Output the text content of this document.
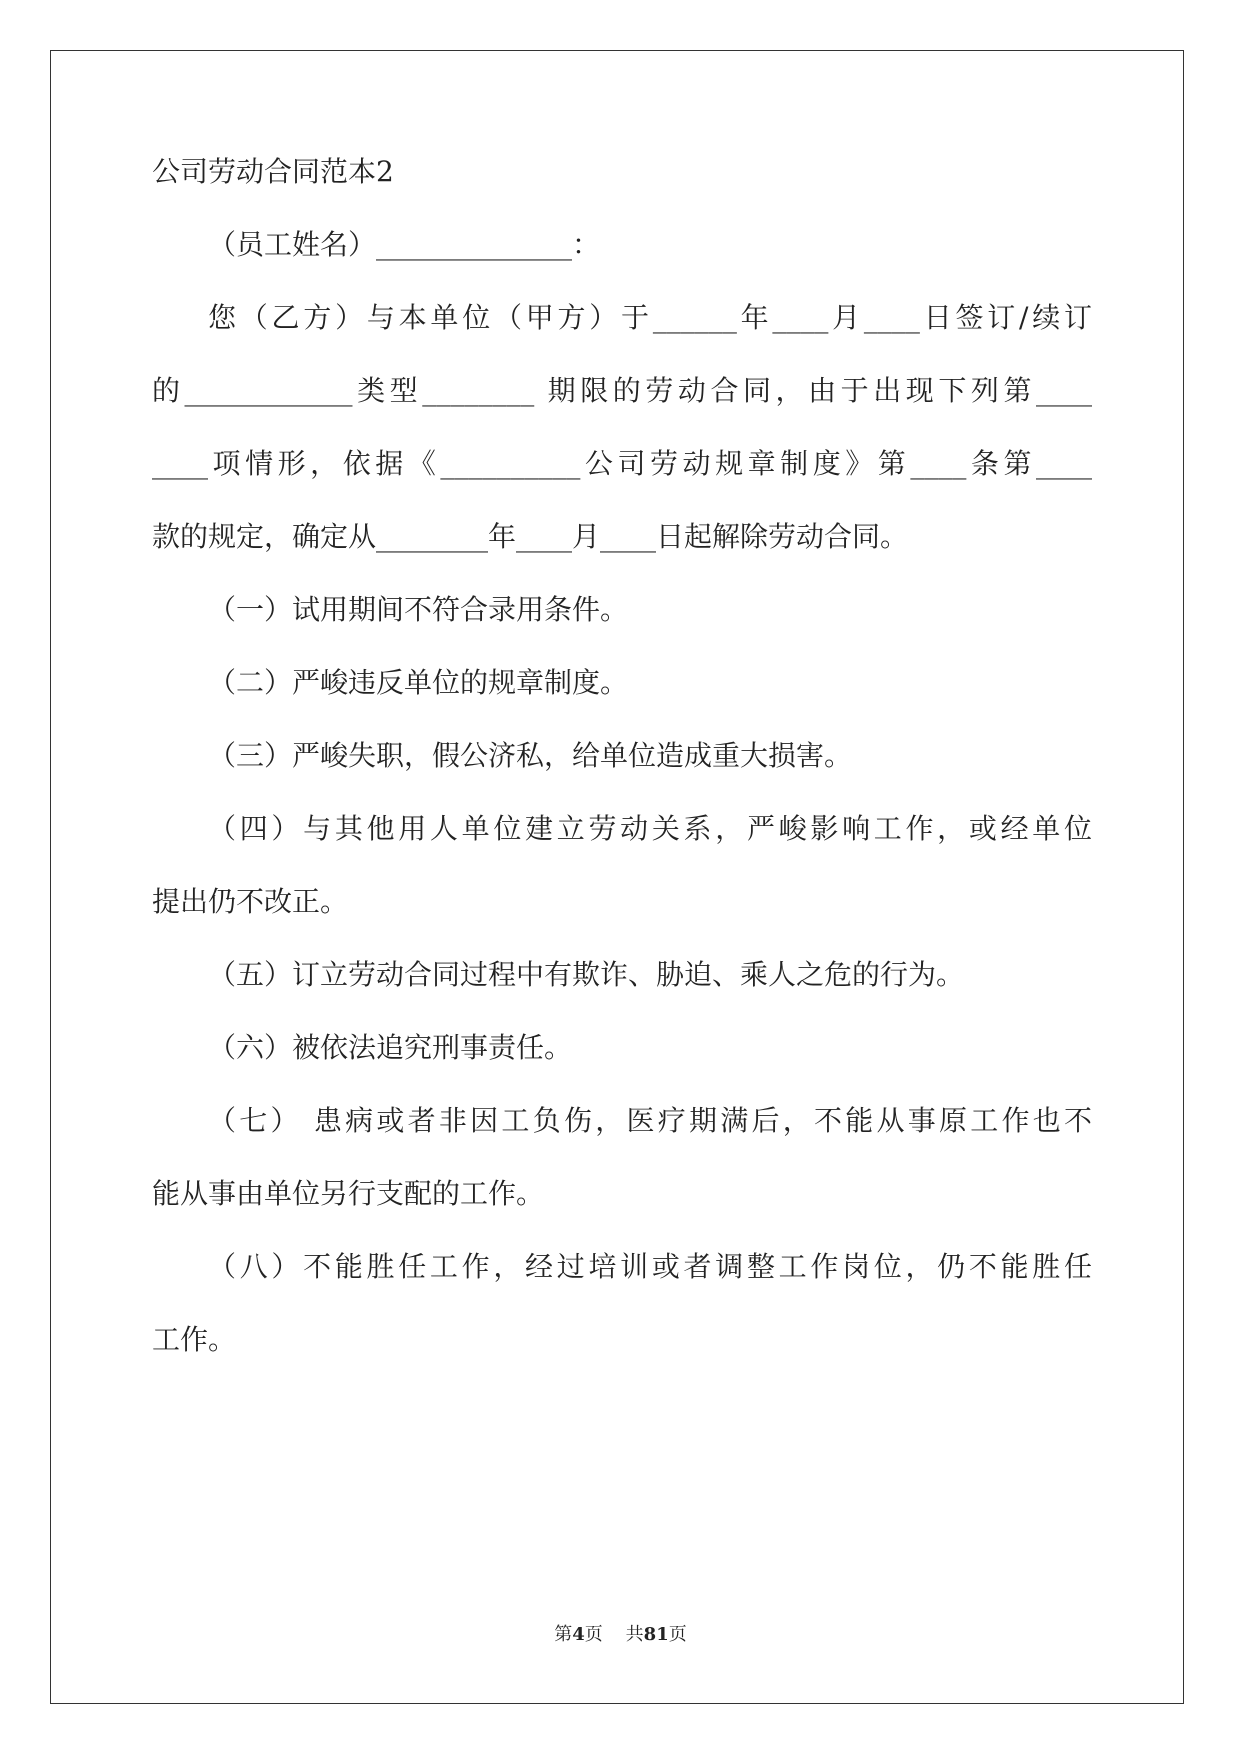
公司劳动合同范本2
（员工姓名）______________：
您（乙方）与本单位（甲方）于______年____月____日签订/续订
的____________类型________ 期限的劳动合同，由于出现下列第____
____项情形，依据《__________公司劳动规章制度》第____条第____
款的规定，确定从________年____月____日起解除劳动合同。
（一）试用期间不符合录用条件。
（二）严峻违反单位的规章制度。
（三）严峻失职，假公济私，给单位造成重大损害。
（四）与其他用人单位建立劳动关系，严峻影响工作，或经单位
提出仍不改正。
（五）订立劳动合同过程中有欺诈、胁迫、乘人之危的行为。
（六）被依法追究刑事责任。
（七） 患病或者非因工负伤，医疗期满后，不能从事原工作也不
能从事由单位另行支配的工作。
（八）不能胜任工作，经过培训或者调整工作岗位，仍不能胜任
工作。
第4页 共81页
